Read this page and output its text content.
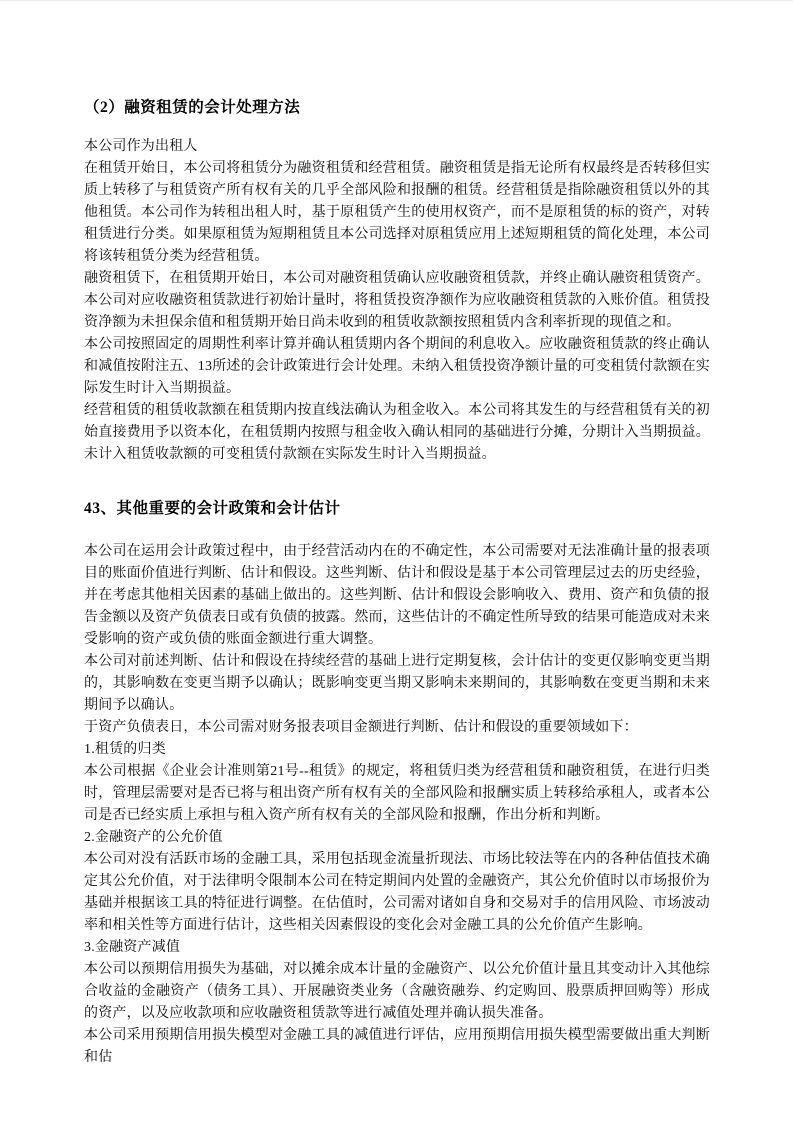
（2）融资租赁的会计处理方法

本公司作为出租人

在租赁开始日，本公司将租赁分为融资租赁和经营租赁。融资租赁是指无论所有权最终是否转移但实质上转移了与租赁资产所有权有关的几乎全部风险和报酬的租赁。经营租赁是指除融资租赁以外的其他租赁。本公司作为转租出租人时，基于原租赁产生的使用权资产，而不是原租赁的标的资产，对转租赁进行分类。如果原租赁为短期租赁且本公司选择对原租赁应用上述短期租赁的简化处理，本公司将该转租赁分类为经营租赁。

融资租赁下，在租赁期开始日，本公司对融资租赁确认应收融资租赁款，并终止确认融资租赁资产。本公司对应收融资租赁款进行初始计量时，将租赁投资净额作为应收融资租赁款的入账价值。租赁投资净额为未担保余值和租赁期开始日尚未收到的租赁收款额按照租赁内含利率折现的现值之和。

本公司按照固定的周期性利率计算并确认租赁期内各个期间的利息收入。应收融资租赁款的终止确认和减值按附注五、13所述的会计政策进行会计处理。未纳入租赁投资净额计量的可变租赁付款额在实际发生时计入当期损益。

经营租赁的租赁收款额在租赁期内按直线法确认为租金收入。本公司将其发生的与经营租赁有关的初始直接费用予以资本化，在租赁期内按照与租金收入确认相同的基础进行分摊，分期计入当期损益。未计入租赁收款额的可变租赁付款额在实际发生时计入当期损益。

43、其他重要的会计政策和会计估计

本公司在运用会计政策过程中，由于经营活动内在的不确定性，本公司需要对无法准确计量的报表项目的账面价值进行判断、估计和假设。这些判断、估计和假设是基于本公司管理层过去的历史经验，并在考虑其他相关因素的基础上做出的。这些判断、估计和假设会影响收入、费用、资产和负债的报告金额以及资产负债表日或有负债的披露。然而，这些估计的不确定性所导致的结果可能造成对未来受影响的资产或负债的账面金额进行重大调整。

本公司对前述判断、估计和假设在持续经营的基础上进行定期复核，会计估计的变更仅影响变更当期的，其影响数在变更当期予以确认；既影响变更当期又影响未来期间的，其影响数在变更当期和未来期间予以确认。

于资产负债表日，本公司需对财务报表项目金额进行判断、估计和假设的重要领域如下：

1.租赁的归类

本公司根据《企业会计准则第21号--租赁》的规定，将租赁归类为经营租赁和融资租赁，在进行归类时，管理层需要对是否已将与租出资产所有权有关的全部风险和报酬实质上转移给承租人，或者本公司是否已经实质上承担与租入资产所有权有关的全部风险和报酬，作出分析和判断。

2.金融资产的公允价值

本公司对没有活跃市场的金融工具，采用包括现金流量折现法、市场比较法等在内的各种估值技术确定其公允价值，对于法律明令限制本公司在特定期间内处置的金融资产，其公允价值时以市场报价为基础并根据该工具的特征进行调整。在估值时，公司需对诸如自身和交易对手的信用风险、市场波动率和相关性等方面进行估计，这些相关因素假设的变化会对金融工具的公允价值产生影响。

3.金融资产减值

本公司以预期信用损失为基础，对以摊余成本计量的金融资产、以公允价值计量且其变动计入其他综合收益的金融资产（债务工具）、开展融资类业务（含融资融券、约定购回、股票质押回购等）形成的资产，以及应收款项和应收融资租赁款等进行减值处理并确认损失准备。

本公司采用预期信用损失模型对金融工具的减值进行评估，应用预期信用损失模型需要做出重大判断和估
